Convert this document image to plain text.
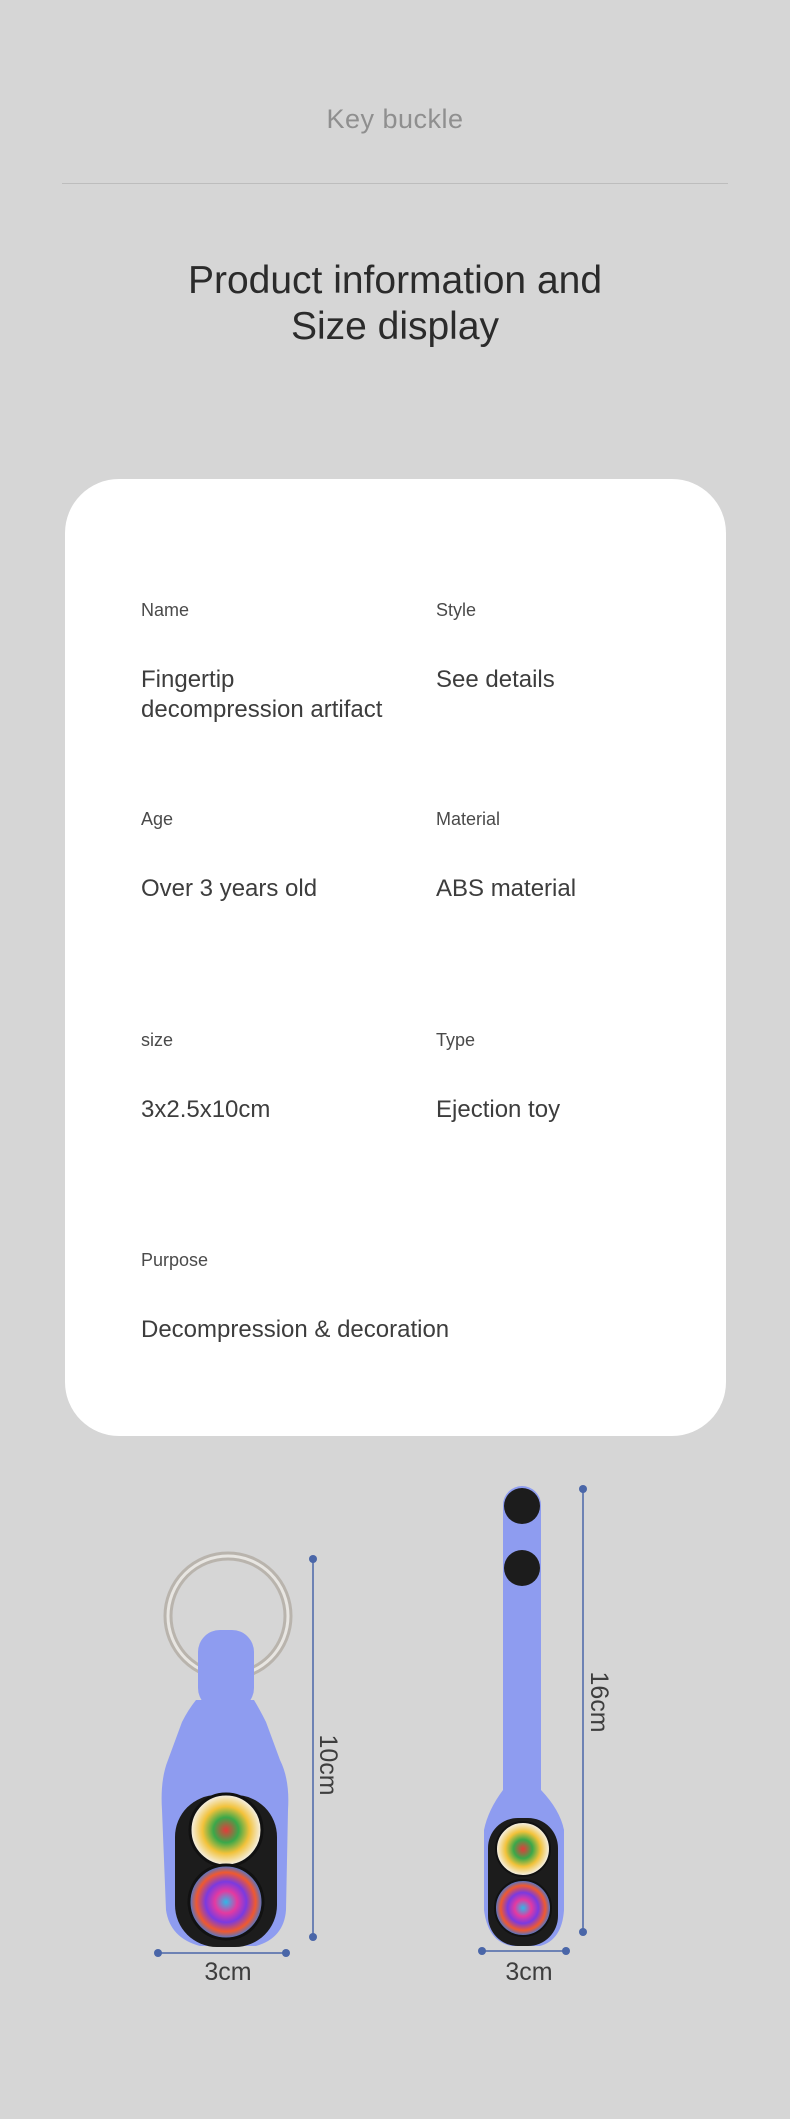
Key buckle
Product information and
Size display
Name
Fingertip
decompression artifact
Style
See details
Age
Over 3 years old
Material
ABS material
size
3x2.5x10cm
Type
Ejection toy
Purpose
Decompression & decoration
10cm
3cm
16cm
3cm
